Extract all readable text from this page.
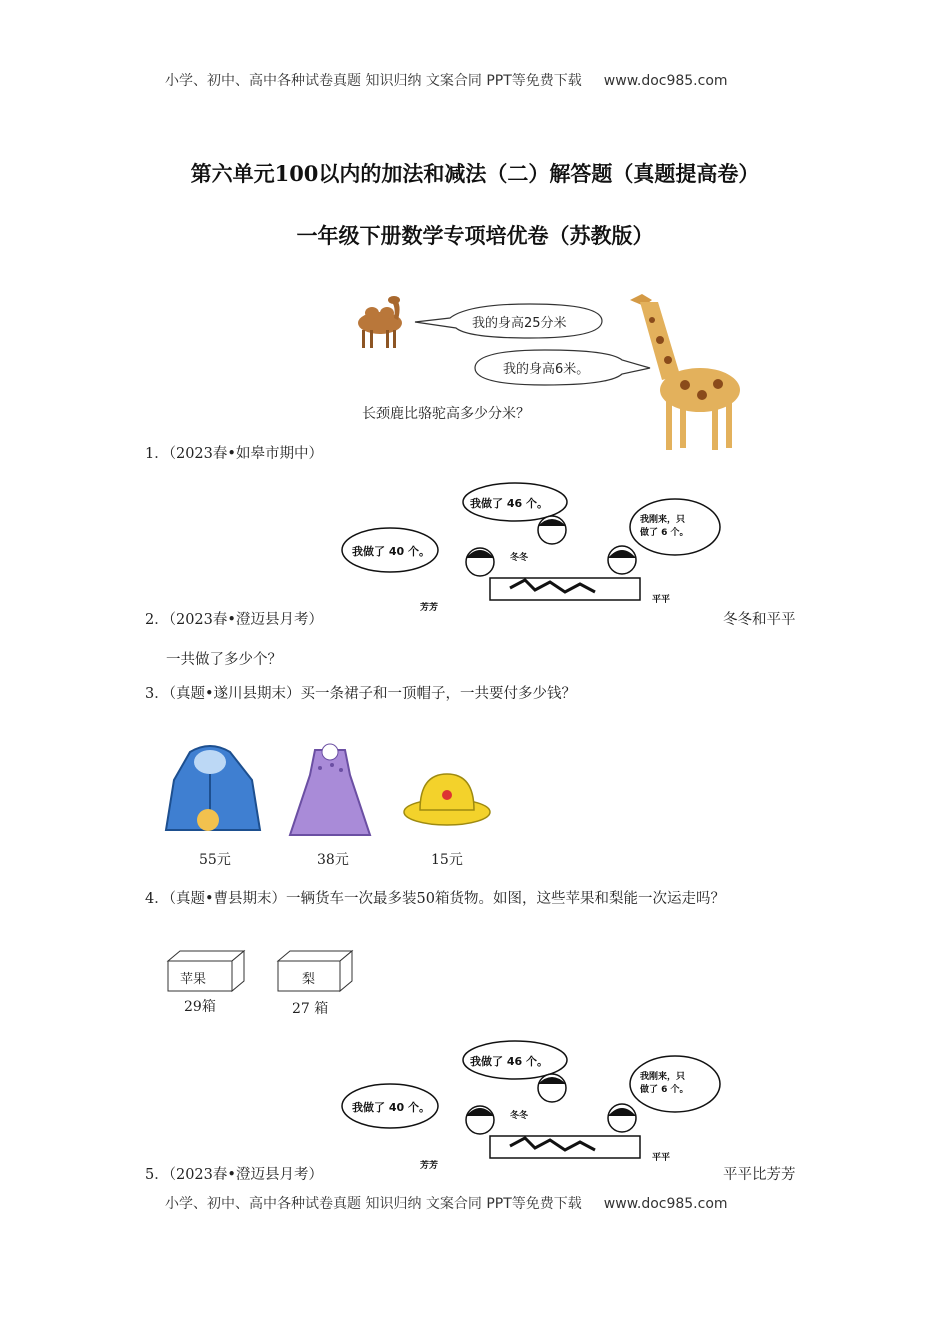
小学、初中、高中各种试卷真题 知识归纳 文案合同 PPT等免费下载 www.doc985.com
第六单元100以内的加法和减法（二）解答题（真题提高卷）
一年级下册数学专项培优卷（苏教版）
我的身高25分米
我的身高6米。
长颈鹿比骆驼高多少分米？
1．（2023春•如皋市期中）
我做了 40 个。
我做了 46 个。
我刚来，只
做了 6 个。
芳芳
冬冬
平平
2．（2023春•澄迈县月考）	冬冬和平平
一共做了多少个？
3．（真题•遂川县期末）买一条裙子和一顶帽子，一共要付多少钱？
55元	38元	15元
4．（真题•曹县期末）一辆货车一次最多装50箱货物。如图，这些苹果和梨能一次运走吗？
苹果	梨
29箱	27 箱
我做了 40 个。
我做了 46 个。
我刚来，只
做了 6 个。
芳芳
冬冬
平平
5．（2023春•澄迈县月考）	平平比芳芳
小学、初中、高中各种试卷真题 知识归纳 文案合同 PPT等免费下载 www.doc985.com
